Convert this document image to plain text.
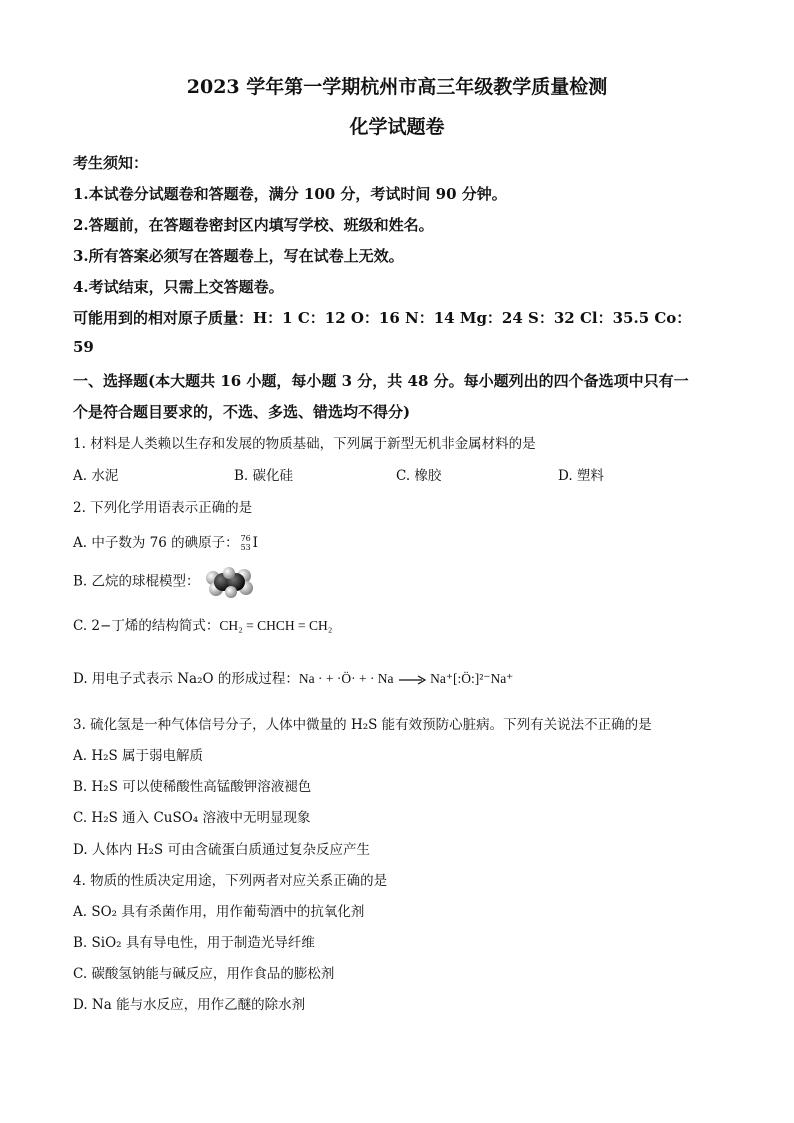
2023 学年第一学期杭州市高三年级教学质量检测
化学试题卷
考生须知：
1.本试卷分试题卷和答题卷，满分 100 分，考试时间 90 分钟。
2.答题前，在答题卷密封区内填写学校、班级和姓名。
3.所有答案必须写在答题卷上，写在试卷上无效。
4.考试结束，只需上交答题卷。
可能用到的相对原子质量：H：1 C：12 O：16 N：14 Mg：24 S：32 Cl：35.5 Co：
59
一、选择题(本大题共 16 小题，每小题 3 分，共 48 分。每小题列出的四个备选项中只有一
个是符合题目要求的，不选、多选、错选均不得分)
1. 材料是人类赖以生存和发展的物质基础，下列属于新型无机非金属材料的是
A. 水泥	B. 碳化硅	C. 橡胶	D. 塑料
2. 下列化学用语表示正确的是
A. 中子数为 76 的碘原子： 76
53 I
B. 乙烷的球棍模型：
C. 2−丁烯的结构简式：CH₂ = CHCH = CH₂
D. 用电子式表示 Na₂O 的形成过程：Na · + ·Ö· + · Na → Na⁺[:Ö:]²⁻Na⁺
3. 硫化氢是一种气体信号分子，人体中微量的 H₂S 能有效预防心脏病。下列有关说法不正确的是
A. H₂S 属于弱电解质
B. H₂S 可以使稀酸性高锰酸钾溶液褪色
C. H₂S 通入 CuSO₄ 溶液中无明显现象
D. 人体内 H₂S 可由含硫蛋白质通过复杂反应产生
4. 物质的性质决定用途，下列两者对应关系正确的是
A. SO₂ 具有杀菌作用，用作葡萄酒中的抗氧化剂
B. SiO₂ 具有导电性，用于制造光导纤维
C. 碳酸氢钠能与碱反应，用作食品的膨松剂
D. Na 能与水反应，用作乙醚的除水剂
